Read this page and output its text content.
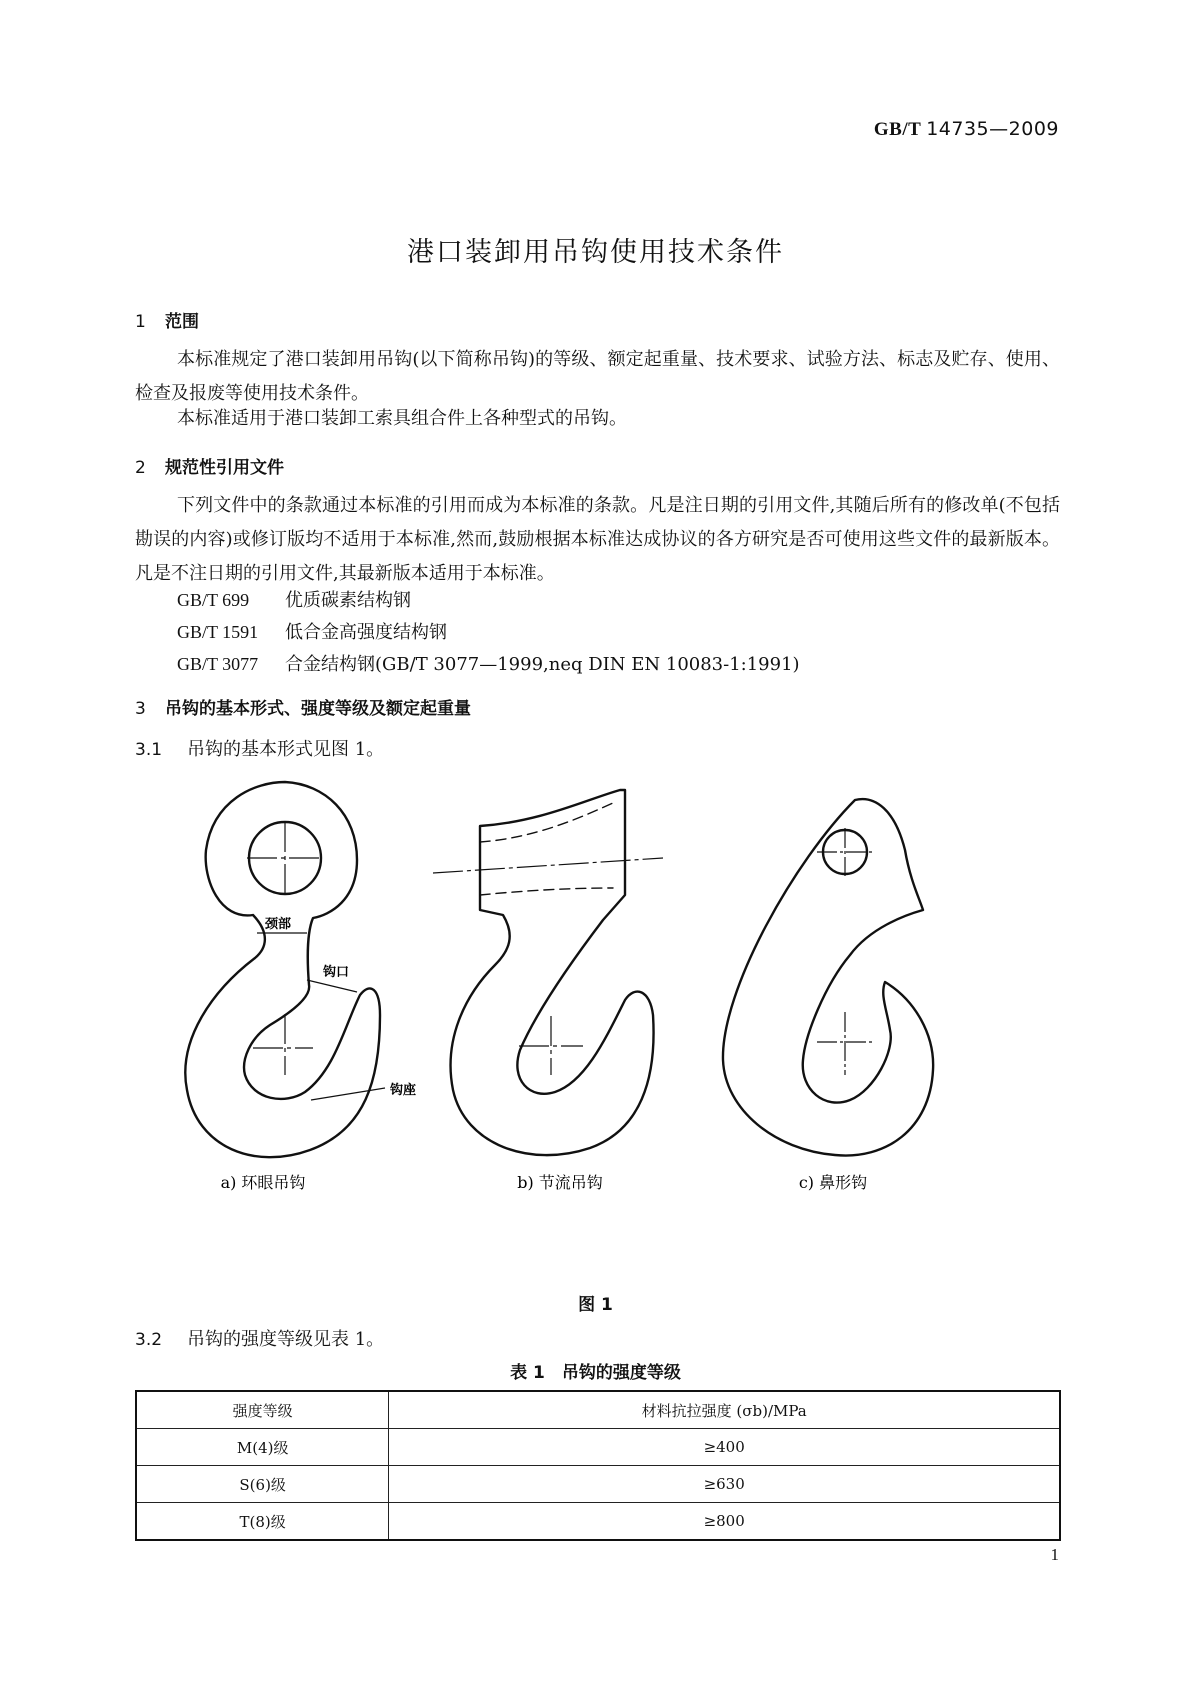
GB/T 14735—2009
港口装卸用吊钩使用技术条件
1 范围
本标准规定了港口装卸用吊钩(以下简称吊钩)的等级、额定起重量、技术要求、试验方法、标志及贮存、使用、检查及报废等使用技术条件。
本标准适用于港口装卸工索具组合件上各种型式的吊钩。
2 规范性引用文件
下列文件中的条款通过本标准的引用而成为本标准的条款。凡是注日期的引用文件,其随后所有的修改单(不包括勘误的内容)或修订版均不适用于本标准,然而,鼓励根据本标准达成协议的各方研究是否可使用这些文件的最新版本。凡是不注日期的引用文件,其最新版本适用于本标准。
GB/T 699 优质碳素结构钢
GB/T 1591 低合金高强度结构钢
GB/T 3077 合金结构钢(GB/T 3077—1999,neq DIN EN 10083-1:1991)
3 吊钩的基本形式、强度等级及额定起重量
3.1 吊钩的基本形式见图 1。
颈部
钩口
钩座
a) 环眼吊钩	b) 节流吊钩	c) 鼻形钩
图 1
3.2 吊钩的强度等级见表 1。
表 1　吊钩的强度等级
强度等级	材料抗拉强度 (σb)/MPa
M(4)级	≥400
S(6)级	≥630
T(8)级	≥800
1
